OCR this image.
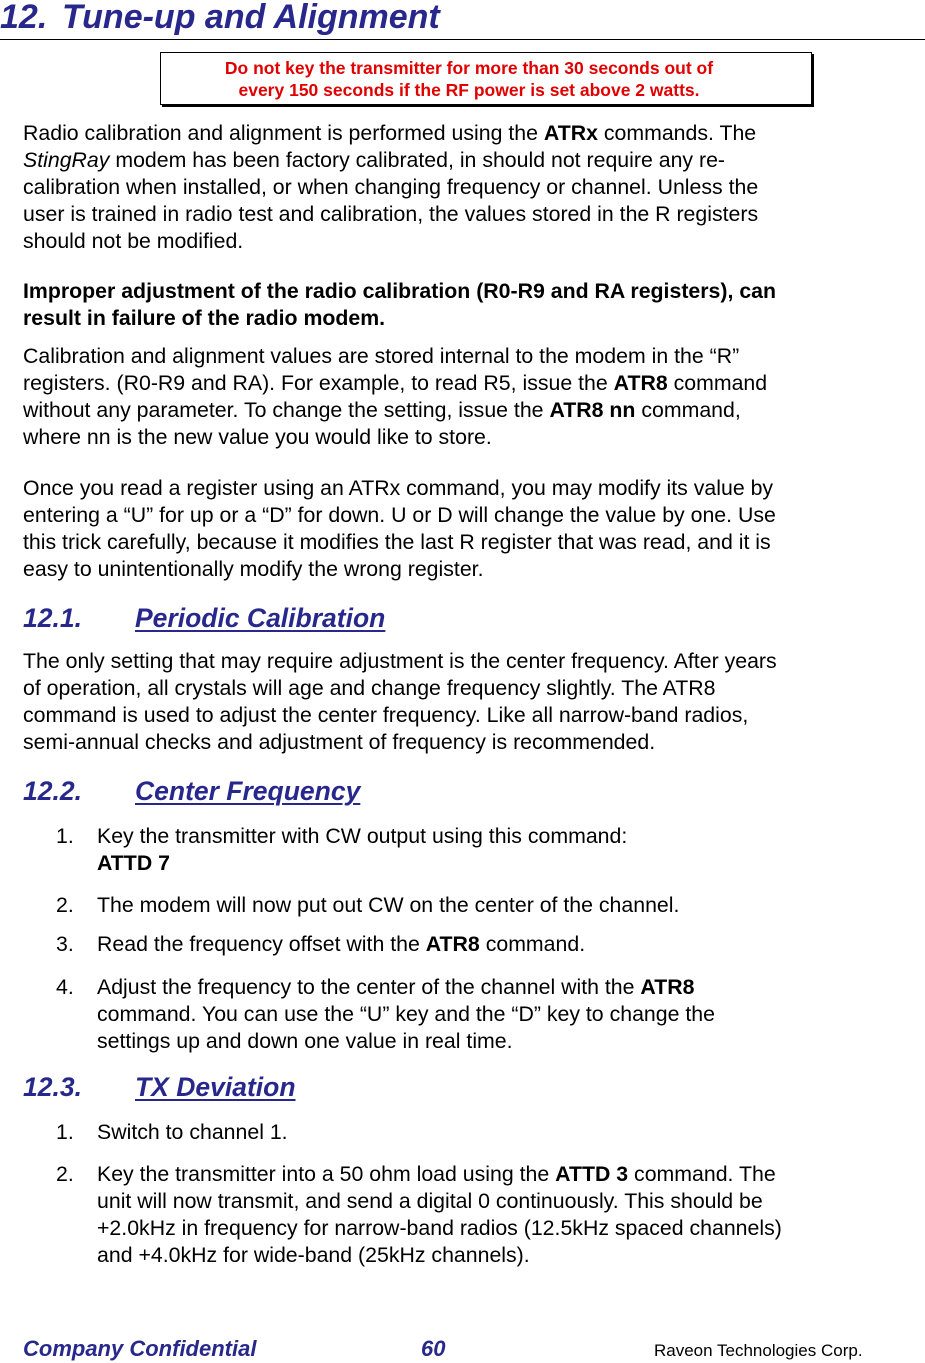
12. Tune-up and Alignment
Do not key the transmitter for more than 30 seconds out of
every 150 seconds if the RF power is set above 2 watts.

Radio calibration and alignment is performed using the ATRx commands. The
StingRay modem has been factory calibrated, in should not require any re-
calibration when installed, or when changing frequency or channel. Unless the
user is trained in radio test and calibration, the values stored in the R registers
should not be modified.

Improper adjustment of the radio calibration (R0-R9 and RA registers), can
result in failure of the radio modem.

Calibration and alignment values are stored internal to the modem in the “R”
registers. (R0-R9 and RA). For example, to read R5, issue the ATR8 command
without any parameter. To change the setting, issue the ATR8 nn command,
where nn is the new value you would like to store.

Once you read a register using an ATRx command, you may modify its value by
entering a “U” for up or a “D” for down. U or D will change the value by one. Use
this trick carefully, because it modifies the last R register that was read, and it is
easy to unintentionally modify the wrong register.

12.1. Periodic Calibration

The only setting that may require adjustment is the center frequency. After years
of operation, all crystals will age and change frequency slightly. The ATR8
command is used to adjust the center frequency. Like all narrow-band radios,
semi-annual checks and adjustment of frequency is recommended.

12.2. Center Frequency
1. Key the transmitter with CW output using this command:
ATTD 7
2. The modem will now put out CW on the center of the channel.
3. Read the frequency offset with the ATR8 command.
4. Adjust the frequency to the center of the channel with the ATR8
command. You can use the “U” key and the “D” key to change the
settings up and down one value in real time.
12.3. TX Deviation
1. Switch to channel 1.
2. Key the transmitter into a 50 ohm load using the ATTD 3 command. The
unit will now transmit, and send a digital 0 continuously. This should be
+2.0kHz in frequency for narrow-band radios (12.5kHz spaced channels)
and +4.0kHz for wide-band (25kHz channels).
Company Confidential	60	Raveon Technologies Corp.
